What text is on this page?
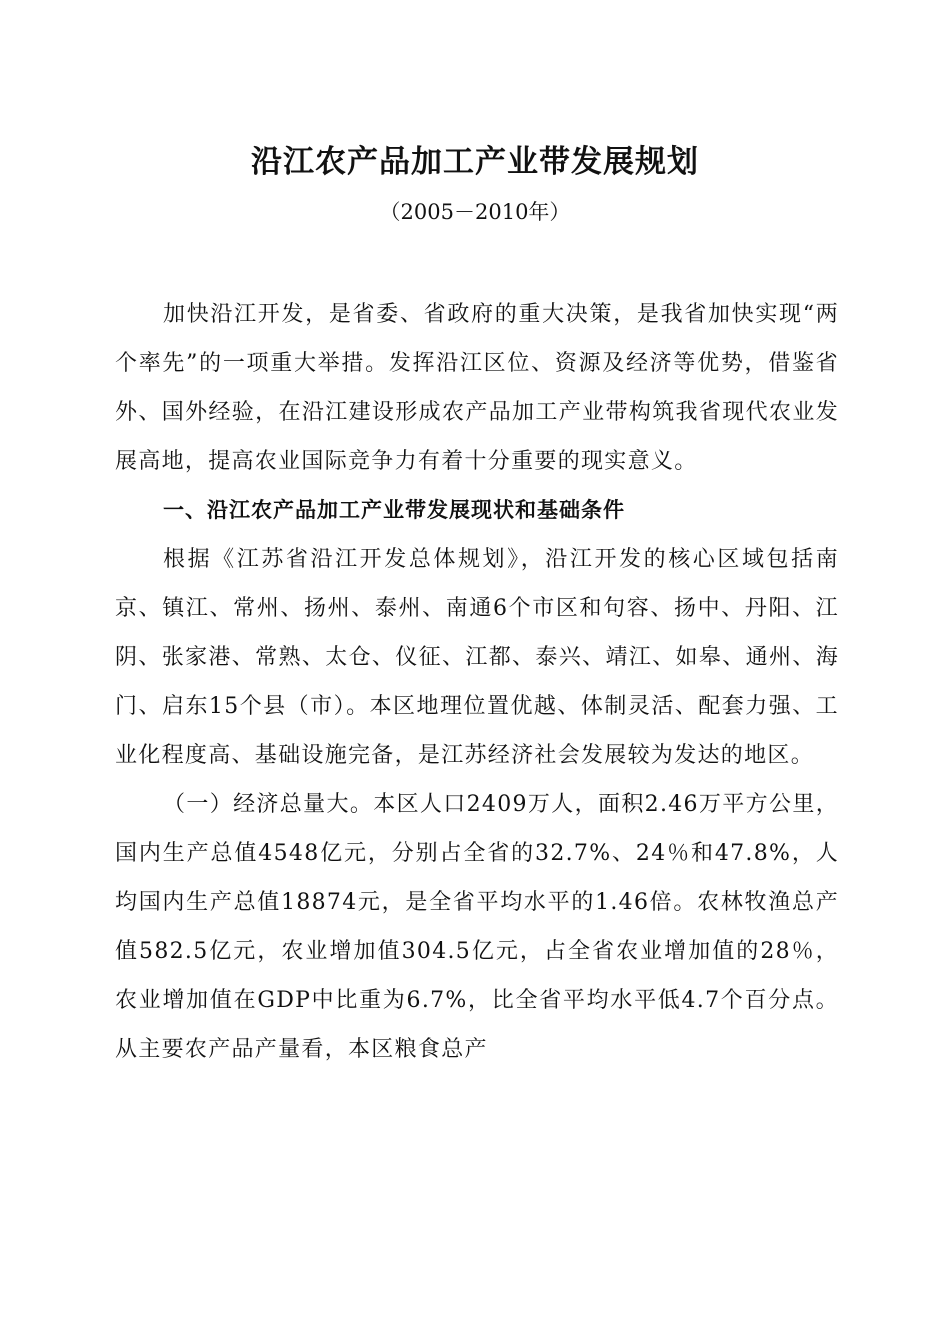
沿江农产品加工产业带发展规划
（2005－2010年）

加快沿江开发，是省委、省政府的重大决策，是我省加快实现“两个率先”的一项重大举措。发挥沿江区位、资源及经济等优势，借鉴省外、国外经验，在沿江建设形成农产品加工产业带构筑我省现代农业发展高地，提高农业国际竞争力有着十分重要的现实意义。

一、沿江农产品加工产业带发展现状和基础条件

根据《江苏省沿江开发总体规划》，沿江开发的核心区域包括南京、镇江、常州、扬州、泰州、南通6个市区和句容、扬中、丹阳、江阴、张家港、常熟、太仓、仪征、江都、泰兴、靖江、如皋、通州、海门、启东15个县（市）。本区地理位置优越、体制灵活、配套力强、工业化程度高、基础设施完备，是江苏经济社会发展较为发达的地区。

（一）经济总量大。本区人口2409万人，面积2.46万平方公里，国内生产总值4548亿元，分别占全省的32.7%、24％和47.8%，人均国内生产总值18874元，是全省平均水平的1.46倍。农林牧渔总产值582.5亿元，农业增加值304.5亿元，占全省农业增加值的28％，农业增加值在GDP中比重为6.7%，比全省平均水平低4.7个百分点。从主要农产品产量看，本区粮食总产
